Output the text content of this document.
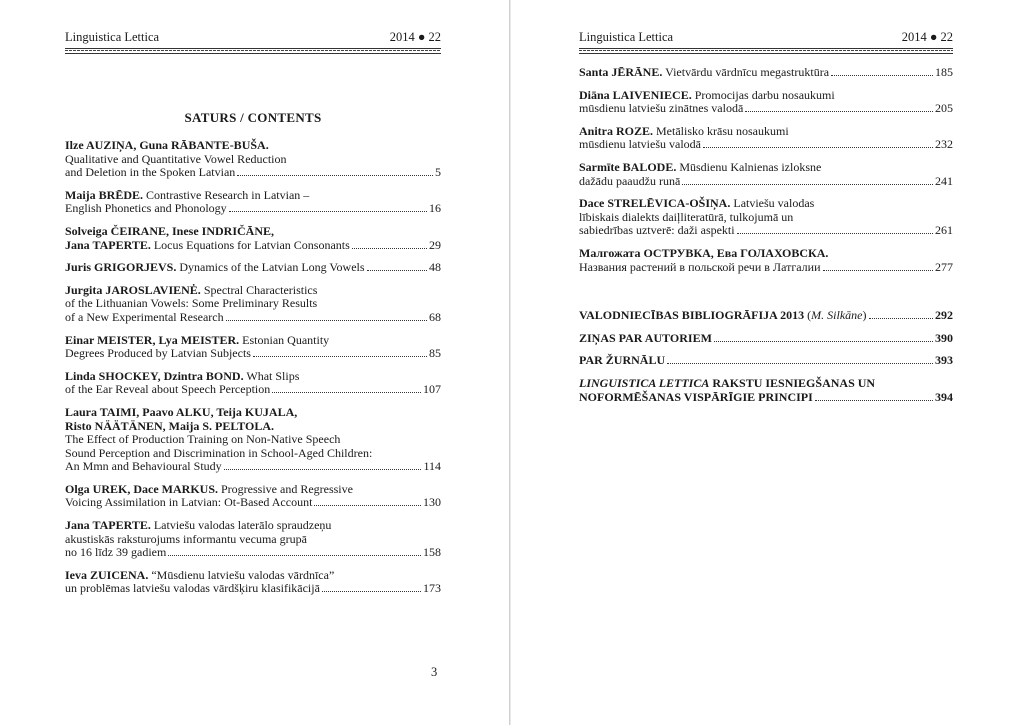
Linguistica Lettica	2014 ● 22
SATURS / CONTENTS
Ilze AUZIŅA, Guna RĀBANTE-BUŠA.
Qualitative and Quantitative Vowel Reduction
and Deletion in the Spoken Latvian	5
Maija BRĒDE. Contrastive Research in Latvian –
English Phonetics and Phonology	16
Solveiga ČEIRANE, Inese INDRIČĀNE,
Jana TAPERTE. Locus Equations for Latvian Consonants	29
Juris GRIGORJEVS. Dynamics of the Latvian Long Vowels	48
Jurgita JAROSLAVIENĖ. Spectral Characteristics
of the Lithuanian Vowels: Some Preliminary Results
of a New Experimental Research	68
Einar MEISTER, Lya MEISTER. Estonian Quantity
Degrees Produced by Latvian Subjects	85
Linda SHOCKEY, Dzintra BOND. What Slips
of the Ear Reveal about Speech Perception	107
Laura TAIMI, Paavo ALKU, Teija KUJALA,
Risto NÄÄTÄNEN, Maija S. PELTOLA.
The Effect of Production Training on Non-Native Speech
Sound Perception and Discrimination in School-Aged Children:
An Mmn and Behavioural Study	114
Olga UREK, Dace MARKUS. Progressive and Regressive
Voicing Assimilation in Latvian: Ot-Based Account	130
Jana TAPERTE. Latviešu valodas laterālo spraudzeņu
akustiskās raksturojums informantu vecuma grupā
no 16 līdz 39 gadiem	158
Ieva ZUICENA. “Mūsdienu latviešu valodas vārdnīca”
un problēmas latviešu valodas vārdšķiru klasifikācijā	173
3
Linguistica Lettica	2014 ● 22
Santa JĒRĀNE. Vietvārdu vārdnīcu megastruktūra	185
Diāna LAIVENIECE. Promocijas darbu nosaukumi
mūsdienu latviešu zinātnes valodā	205
Anitra ROZE. Metālisko krāsu nosaukumi
mūsdienu latviešu valodā	232
Sarmīte BALODE. Mūsdienu Kalnienas izloksne
dažādu paaudžu runā	241
Dace STRELĒVICA-OŠIŅA. Latviešu valodas
lībiskais dialekts daiļliteratūrā, tulkojumā un
sabiedrības uztverē: daži aspekti	261
Малгожата ОСТРУВКА, Ева ГОЛАХОВСКА.
Названия растений в польской речи в Латгалии	277
VALODNIECĪBAS BIBLIOGRĀFIJA 2013 (M. Silkāne)	292
ZIŅAS PAR AUTORIEM	390
PAR ŽURNĀLU	393
LINGUISTICA LETTICA RAKSTU IESNIEGŠANAS UN
NOFORMĒŠANAS VISPĀRĪGIE PRINCIPI	394
